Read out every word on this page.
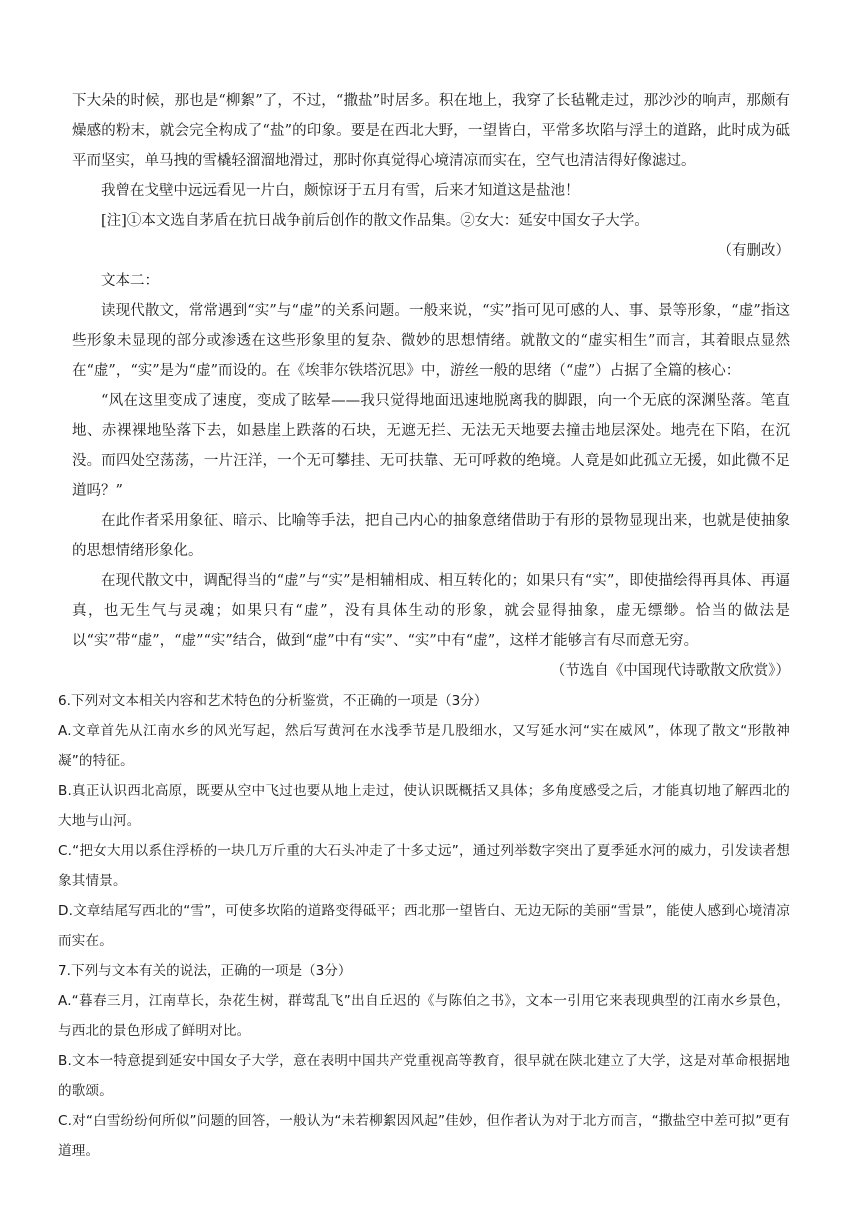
下大朵的时候，那也是“柳絮”了，不过，“撒盐”时居多。积在地上，我穿了长毡靴走过，那沙沙的响声，那颇有燥感的粉末，就会完全构成了“盐”的印象。要是在西北大野，一望皆白，平常多坎陷与浮土的道路，此时成为砥平而坚实，单马拽的雪橇轻溜溜地滑过，那时你真觉得心境清凉而实在，空气也清洁得好像滤过。
我曾在戈壁中远远看见一片白，颇惊讶于五月有雪，后来才知道这是盐池！
[注]①本文选自茅盾在抗日战争前后创作的散文作品集。②女大：延安中国女子大学。
（有删改）
文本二：
读现代散文，常常遇到“实”与“虚”的关系问题。一般来说，“实”指可见可感的人、事、景等形象，“虚”指这些形象未显现的部分或渗透在这些形象里的复杂、微妙的思想情绪。就散文的“虚实相生”而言，其着眼点显然在“虚”，“实”是为“虚”而设的。在《埃菲尔铁塔沉思》中，游丝一般的思绪（“虚”）占据了全篇的核心：
“风在这里变成了速度，变成了眩晕——我只觉得地面迅速地脱离我的脚跟，向一个无底的深渊坠落。笔直地、赤裸裸地坠落下去，如悬崖上跌落的石块，无遮无拦、无法无天地要去撞击地层深处。地壳在下陷，在沉没。而四处空荡荡，一片汪洋，一个无可攀挂、无可扶靠、无可呼救的绝境。人竟是如此孤立无援，如此微不足道吗？”
在此作者采用象征、暗示、比喻等手法，把自己内心的抽象意绪借助于有形的景物显现出来，也就是使抽象的思想情绪形象化。
在现代散文中，调配得当的“虚”与“实”是相辅相成、相互转化的；如果只有“实”，即使描绘得再具体、再逼真，也无生气与灵魂；如果只有“虚”，没有具体生动的形象，就会显得抽象，虚无缥缈。恰当的做法是以“实”带“虚”，“虚”“实”结合，做到“虚”中有“实”、“实”中有“虚”，这样才能够言有尽而意无穷。
（节选自《中国现代诗歌散文欣赏》）
6.下列对文本相关内容和艺术特色的分析鉴赏，不正确的一项是（3分）
A.文章首先从江南水乡的风光写起，然后写黄河在水浅季节是几股细水，又写延水河“实在威风”，体现了散文“形散神凝”的特征。
B.真正认识西北高原，既要从空中飞过也要从地上走过，使认识既概括又具体；多角度感受之后，才能真切地了解西北的大地与山河。
C.“把女大用以系住浮桥的一块几万斤重的大石头冲走了十多丈远”，通过列举数字突出了夏季延水河的威力，引发读者想象其情景。
D.文章结尾写西北的“雪”，可使多坎陷的道路变得砥平；西北那一望皆白、无边无际的美丽“雪景”，能使人感到心境清凉而实在。
7.下列与文本有关的说法，正确的一项是（3分）
A.“暮春三月，江南草长，杂花生树，群莺乱飞”出自丘迟的《与陈伯之书》，文本一引用它来表现典型的江南水乡景色，与西北的景色形成了鲜明对比。
B.文本一特意提到延安中国女子大学，意在表明中国共产党重视高等教育，很早就在陕北建立了大学，这是对革命根据地的歌颂。
C.对“白雪纷纷何所似”问题的回答，一般认为“未若柳絮因风起”佳妙，但作者认为对于北方而言，“撒盐空中差可拟”更有道理。
